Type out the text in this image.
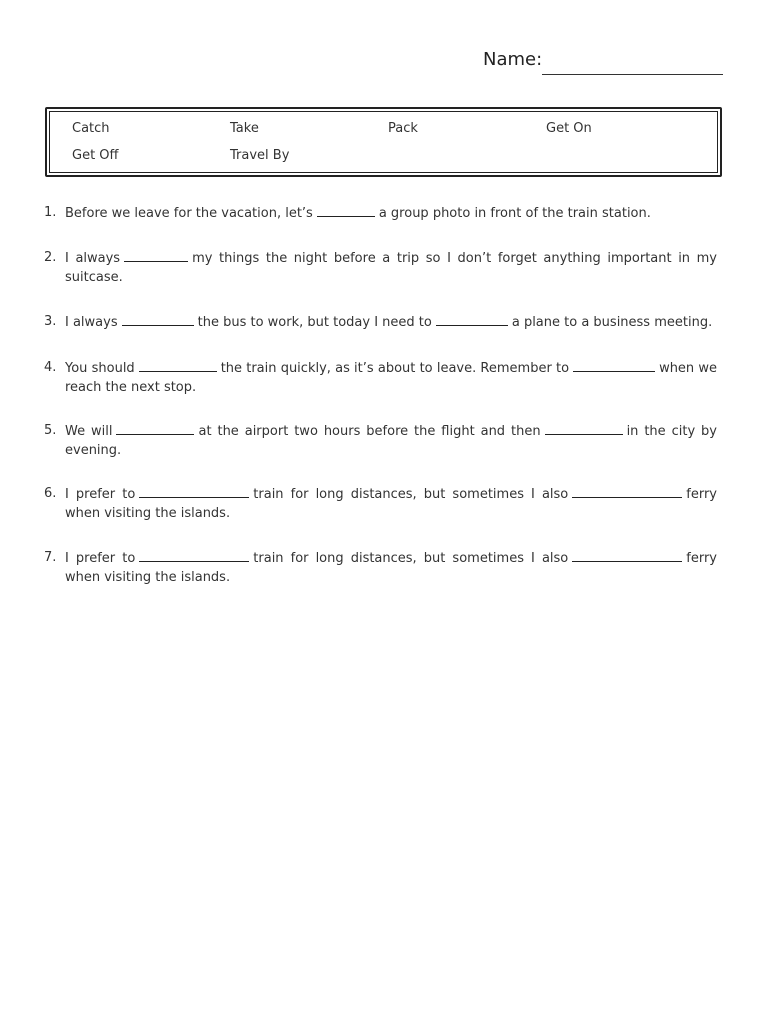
Name:
Catch	Take	Pack	Get On
Get Off	Travel By
1. Before we leave for the vacation, let’s	a group photo in front of the train station.
2. I always	my things the night before a trip so I don’t forget anything important in my suitcase.
3. I always	the bus to work, but today I need to	a plane to a business meeting.
4. You should	the train quickly, as it’s about to leave. Remember to	when we reach the next stop.
5. We will	at the airport two hours before the flight and then	in the city by evening.
6. I prefer to	train for long distances, but sometimes I also	ferry when visiting the islands.
7. I prefer to	train for long distances, but sometimes I also	ferry when visiting the islands.
